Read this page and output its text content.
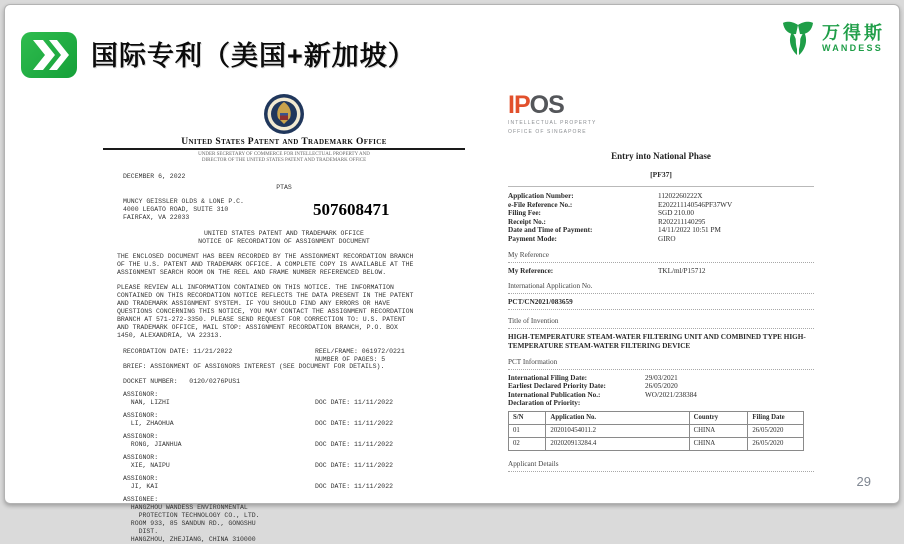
国际专利（美国+新加坡）
万得斯
WANDESS
United States Patent and Trademark Office
UNDER SECRETARY OF COMMERCE FOR INTELLECTUAL PROPERTY AND
DIRECTOR OF THE UNITED STATES PATENT AND TRADEMARK OFFICE
DECEMBER 6, 2022
PTAS
MUNCY GEISSLER OLDS & LONE P.C.
4000 LEGATO ROAD, SUITE 310
FAIRFAX, VA 22033	507608471
UNITED STATES PATENT AND TRADEMARK OFFICE
NOTICE OF RECORDATION OF ASSIGNMENT DOCUMENT
THE ENCLOSED DOCUMENT HAS BEEN RECORDED BY THE ASSIGNMENT RECORDATION BRANCH OF THE U.S. PATENT AND TRADEMARK OFFICE. A COMPLETE COPY IS AVAILABLE AT THE ASSIGNMENT SEARCH ROOM ON THE REEL AND FRAME NUMBER REFERENCED BELOW.
PLEASE REVIEW ALL INFORMATION CONTAINED ON THIS NOTICE. THE INFORMATION CONTAINED ON THIS RECORDATION NOTICE REFLECTS THE DATA PRESENT IN THE PATENT AND TRADEMARK ASSIGNMENT SYSTEM. IF YOU SHOULD FIND ANY ERRORS OR HAVE QUESTIONS CONCERNING THIS NOTICE, YOU MAY CONTACT THE ASSIGNMENT RECORDATION BRANCH AT 571-272-3350. PLEASE SEND REQUEST FOR CORRECTION TO: U.S. PATENT AND TRADEMARK OFFICE, MAIL STOP: ASSIGNMENT RECORDATION BRANCH, P.O. BOX 1450, ALEXANDRIA, VA 22313.
RECORDATION DATE: 11/21/2022	REEL/FRAME: 061972/0221
NUMBER OF PAGES: 5
BRIEF: ASSIGNMENT OF ASSIGNORS INTEREST (SEE DOCUMENT FOR DETAILS).
DOCKET NUMBER:   0120/0276PUS1
ASSIGNOR:
NAN, LIZHI	DOC DATE: 11/11/2022
ASSIGNOR:
LI, ZHAOHUA	DOC DATE: 11/11/2022
ASSIGNOR:
RONG, JIANHUA	DOC DATE: 11/11/2022
ASSIGNOR:
XIE, NAIPU	DOC DATE: 11/11/2022
ASSIGNOR:
JI, KAI	DOC DATE: 11/11/2022
ASSIGNEE:
HANGZHOU WANDESS ENVIRONMENTAL
PROTECTION TECHNOLOGY CO., LTD.
ROOM 933, 85 SANDUN RD., GONGSHU
DIST.
HANGZHOU, ZHEJIANG, CHINA 310000
IPOS
INTELLECTUAL PROPERTY
OFFICE OF SINGAPORE
Entry into National Phase
[PF37]
Application Number:	11202260222X
e-File Reference No.:	E202211140546PF37WV
Filing Fee:	SGD 210.00
Receipt No.:	R202211140295
Date and Time of Payment:	14/11/2022 10:51 PM
Payment Mode:	GIRO
My Reference
My Reference:	TKL/ml/P15712
International Application No.
PCT/CN2021/083659
Title of Invention
HIGH-TEMPERATURE STEAM-WATER FILTERING UNIT AND COMBINED TYPE HIGH-TEMPERATURE STEAM-WATER FILTERING DEVICE
PCT Information
International Filing Date:	29/03/2021
Earliest Declared Priority Date:	26/05/2020
International Publication No.:	WO/2021/238384
Declaration of Priority:
S/N	Application No.	Country	Filing Date
01	202010454011.2	CHINA	26/05/2020
02	202020913284.4	CHINA	26/05/2020
Applicant Details
29
